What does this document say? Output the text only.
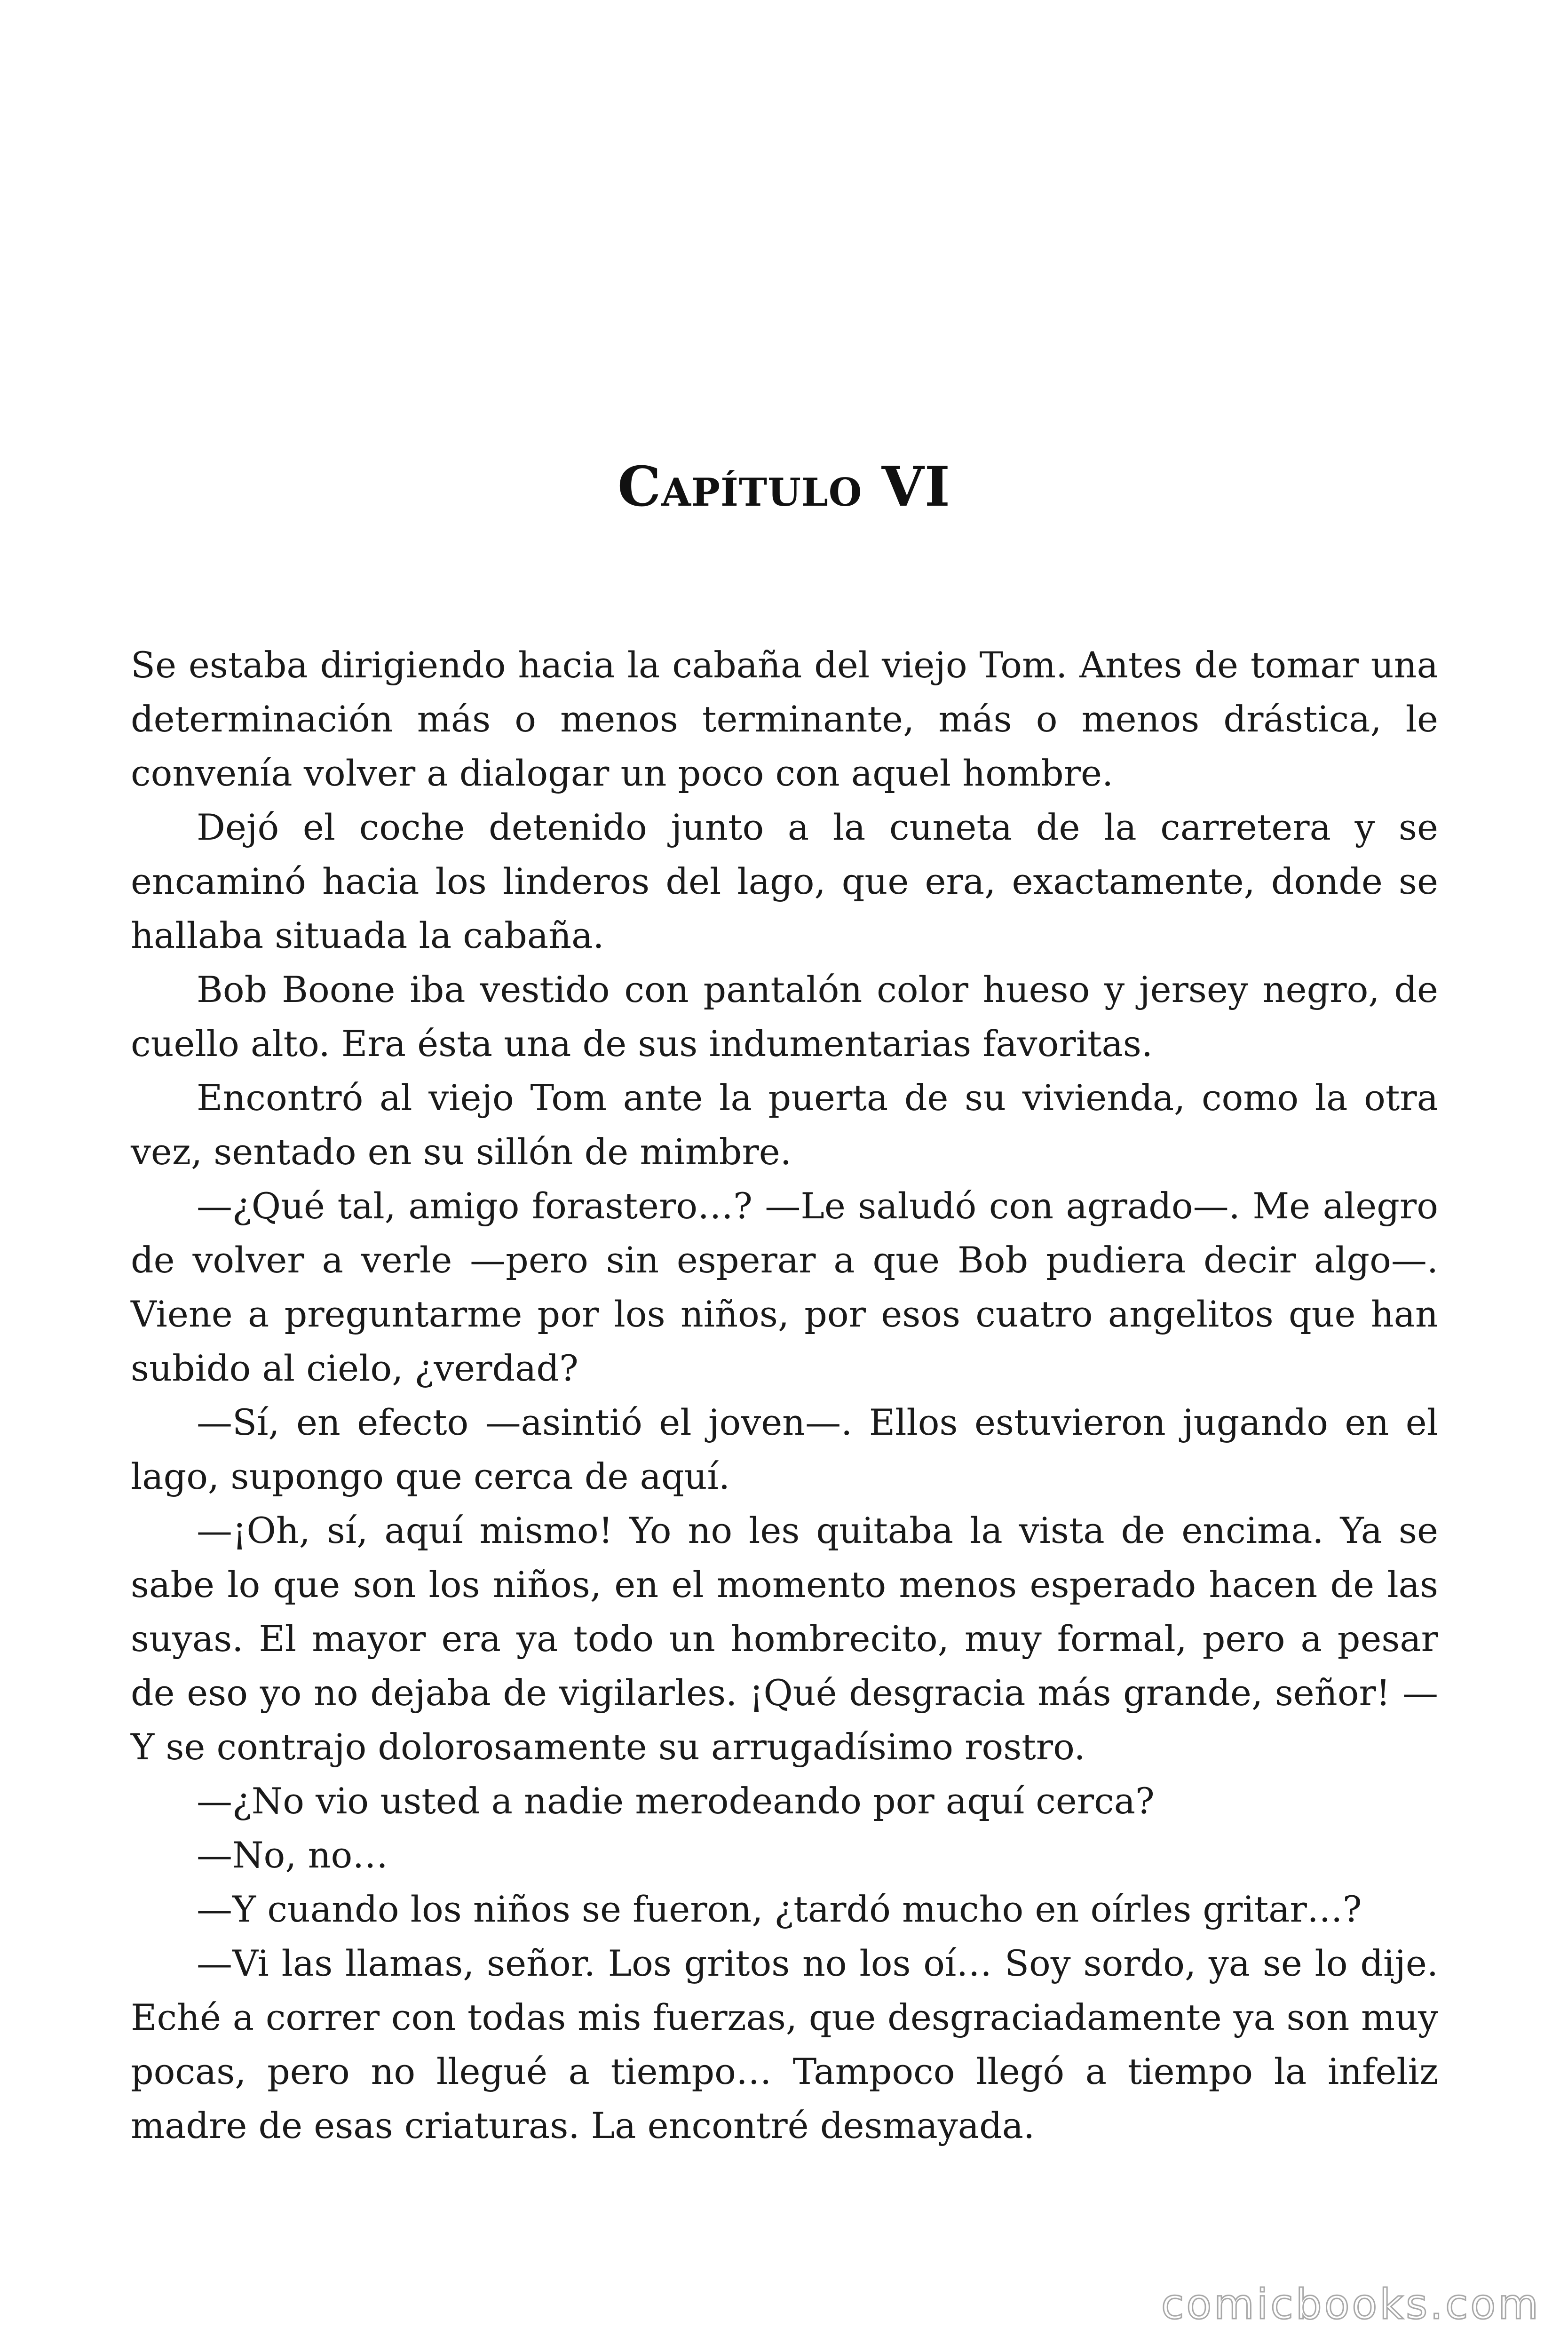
Capítulo VI

Se estaba dirigiendo hacia la cabaña del viejo Tom. Antes de tomar una determinación más o menos terminante, más o menos drástica, le convenía volver a dialogar un poco con aquel hombre.

Dejó el coche detenido junto a la cuneta de la carretera y se encaminó hacia los linderos del lago, que era, exactamente, donde se hallaba situada la cabaña.

Bob Boone iba vestido con pantalón color hueso y jersey negro, de cuello alto. Era ésta una de sus indumentarias favoritas.

Encontró al viejo Tom ante la puerta de su vivienda, como la otra vez, sentado en su sillón de mimbre.

—¿Qué tal, amigo forastero…? —Le saludó con agrado—. Me alegro de volver a verle —pero sin esperar a que Bob pudiera decir algo—. Viene a preguntarme por los niños, por esos cuatro angelitos que han subido al cielo, ¿verdad?

—Sí, en efecto —asintió el joven—. Ellos estuvieron jugando en el lago, supongo que cerca de aquí.

—¡Oh, sí, aquí mismo! Yo no les quitaba la vista de encima. Ya se sabe lo que son los niños, en el momento menos esperado hacen de las suyas. El mayor era ya todo un hombrecito, muy formal, pero a pesar de eso yo no dejaba de vigilarles. ¡Qué desgracia más grande, señor! —Y se contrajo dolorosamente su arrugadísimo rostro.

—¿No vio usted a nadie merodeando por aquí cerca?

—No, no…

—Y cuando los niños se fueron, ¿tardó mucho en oírles gritar…?

—Vi las llamas, señor. Los gritos no los oí… Soy sordo, ya se lo dije. Eché a correr con todas mis fuerzas, que desgraciadamente ya son muy pocas, pero no llegué a tiempo… Tampoco llegó a tiempo la infeliz madre de esas criaturas. La encontré desmayada.

comicbooks.com
